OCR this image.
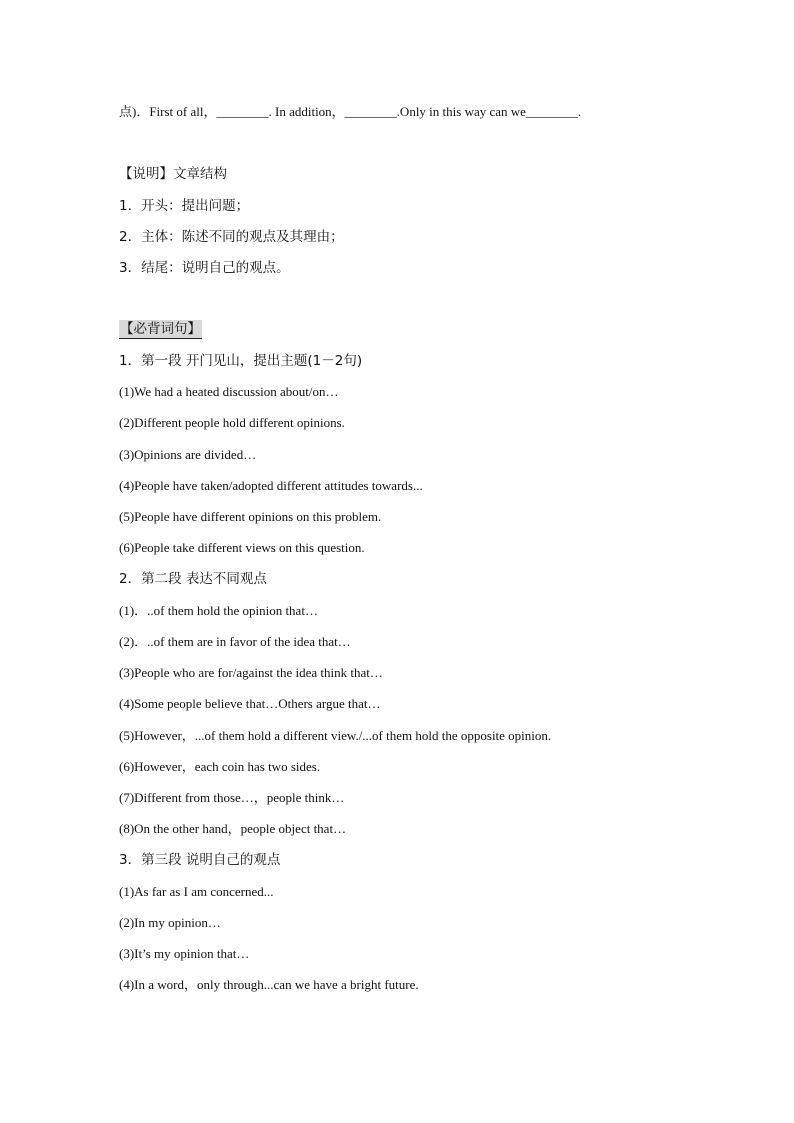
点)．First of all，________. In addition，________.Only in this way can we________.
【说明】文章结构
1．开头：提出问题；
2．主体：陈述不同的观点及其理由；
3．结尾：说明自己的观点。
【必背词句】
1．第一段 开门见山，提出主题(1－2句)
(1)We had a heated discussion about/on…
(2)Different people hold different opinions.
(3)Opinions are divided…
(4)People have taken/adopted different attitudes towards...
(5)People have different opinions on this problem.
(6)People take different views on this question.
2．第二段 表达不同观点
(1)．..of them hold the opinion that…
(2)．..of them are in favor of the idea that…
(3)People who are for/against the idea think that…
(4)Some people believe that…Others argue that…
(5)However，...of them hold a different view./...of them hold the opposite opinion.
(6)However，each coin has two sides.
(7)Different from those…，people think…
(8)On the other hand，people object that…
3．第三段 说明自己的观点
(1)As far as I am concerned...
(2)In my opinion…
(3)It’s my opinion that…
(4)In a word，only through...can we have a bright future.
